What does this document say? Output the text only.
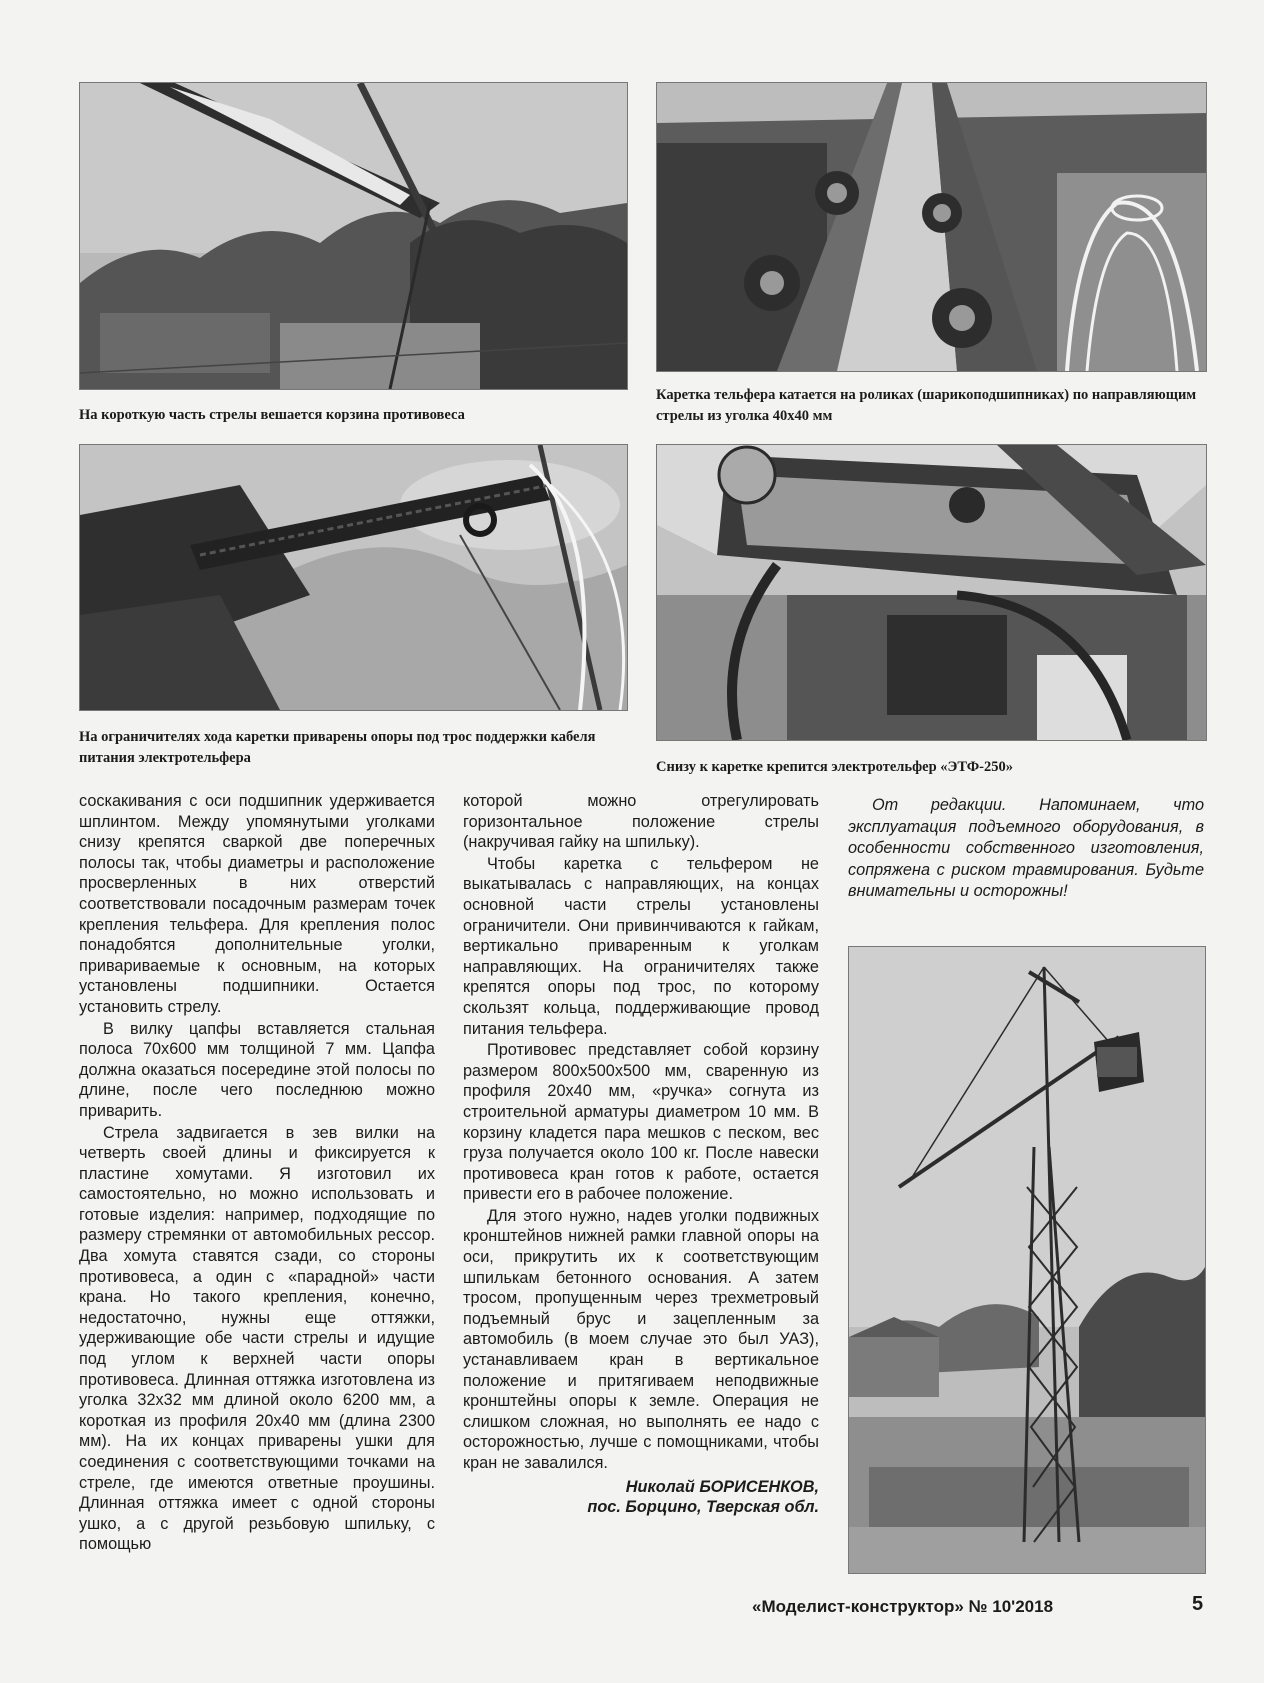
На короткую часть стрелы вешается корзина противовеса

Каретка тельфера катается на роликах (шарикоподшипниках) по направляющим стрелы из уголка 40х40 мм

На ограничителях хода каретки приварены опоры под трос поддержки кабеля питания электротельфера

Снизу к каретке крепится электротельфер «ЭТФ-250»

соскакивания с оси подшипник удерживается шплинтом. Между упомянутыми уголками снизу крепятся сваркой две поперечных полосы так, чтобы диаметры и расположение просверленных в них отверстий соответствовали посадочным размерам точек крепления тельфера. Для крепления полос понадобятся дополнительные уголки, привариваемые к основным, на которых установлены подшипники. Остается установить стрелу.

В вилку цапфы вставляется стальная полоса 70х600 мм толщиной 7 мм. Цапфа должна оказаться посередине этой полосы по длине, после чего последнюю можно приварить.

Стрела задвигается в зев вилки на четверть своей длины и фиксируется к пластине хомутами. Я изготовил их самостоятельно, но можно использовать и готовые изделия: например, подходящие по размеру стремянки от автомобильных рессор. Два хомута ставятся сзади, со стороны противовеса, а один с «парадной» части крана. Но такого крепления, конечно, недостаточно, нужны еще оттяжки, удерживающие обе части стрелы и идущие под углом к верхней части опоры противовеса. Длинная оттяжка изготовлена из уголка 32х32 мм длиной около 6200 мм, а короткая из профиля 20х40 мм (длина 2300 мм). На их концах приварены ушки для соединения с соответствующими точками на стреле, где имеются ответные проушины. Длинная оттяжка имеет с одной стороны ушко, а с другой резьбовую шпильку, с помощью

которой можно отрегулировать горизонтальное положение стрелы (накручивая гайку на шпильку).

Чтобы каретка с тельфером не выкатывалась с направляющих, на концах основной части стрелы установлены ограничители. Они привинчиваются к гайкам, вертикально приваренным к уголкам направляющих. На ограничителях также крепятся опоры под трос, по которому скользят кольца, поддерживающие провод питания тельфера.

Противовес представляет собой корзину размером 800х500х500 мм, сваренную из профиля 20х40 мм, «ручка» согнута из строительной арматуры диаметром 10 мм. В корзину кладется пара мешков с песком, вес груза получается около 100 кг. После навески противовеса кран готов к работе, остается привести его в рабочее положение.

Для этого нужно, надев уголки подвижных кронштейнов нижней рамки главной опоры на оси, прикрутить их к соответствующим шпилькам бетонного основания. А затем тросом, пропущенным через трехметровый подъемный брус и зацепленным за автомобиль (в моем случае это был УАЗ), устанавливаем кран в вертикальное положение и притягиваем неподвижные кронштейны опоры к земле. Операция не слишком сложная, но выполнять ее надо с осторожностью, лучше с помощниками, чтобы кран не завалился.

Николай БОРИСЕНКОВ,

пос. Борцино, Тверская обл.

От редакции. Напоминаем, что эксплуатация подъемного оборудования, в особенности собственного изготовления, сопряжена с риском травмирования. Будьте внимательны и осторожны!

«Моделист-конструктор» № 10'2018	5
